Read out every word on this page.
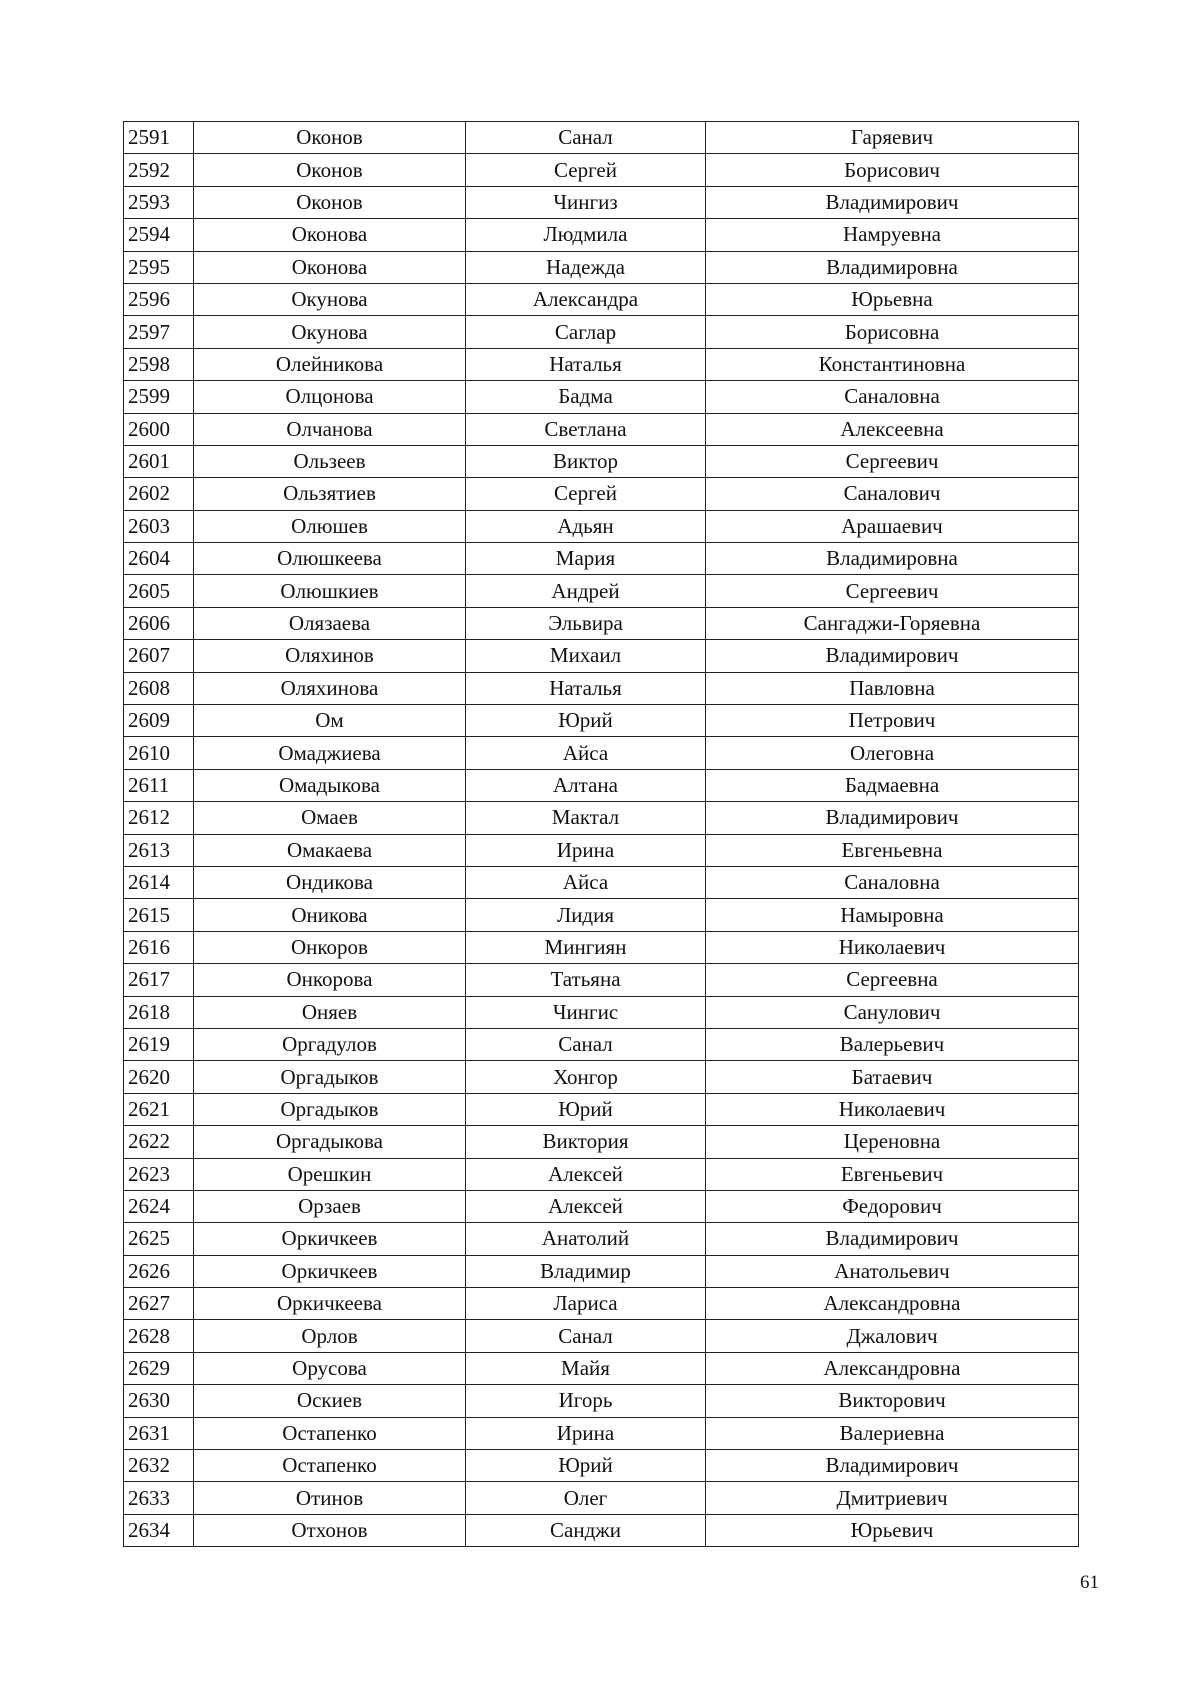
2591	Оконов	Санал	Гаряевич
2592	Оконов	Сергей	Борисович
2593	Оконов	Чингиз	Владимирович
2594	Оконова	Людмила	Намруевна
2595	Оконова	Надежда	Владимировна
2596	Окунова	Александра	Юрьевна
2597	Окунова	Саглар	Борисовна
2598	Олейникова	Наталья	Константиновна
2599	Олцонова	Бадма	Саналовна
2600	Олчанова	Светлана	Алексеевна
2601	Ользеев	Виктор	Сергеевич
2602	Ользятиев	Сергей	Саналович
2603	Олюшев	Адьян	Арашаевич
2604	Олюшкеева	Мария	Владимировна
2605	Олюшкиев	Андрей	Сергеевич
2606	Олязаева	Эльвира	Сангаджи-Горяевна
2607	Оляхинов	Михаил	Владимирович
2608	Оляхинова	Наталья	Павловна
2609	Ом	Юрий	Петрович
2610	Омаджиева	Айса	Олеговна
2611	Омадыкова	Алтана	Бадмаевна
2612	Омаев	Мактал	Владимирович
2613	Омакаева	Ирина	Евгеньевна
2614	Ондикова	Айса	Саналовна
2615	Оникова	Лидия	Намыровна
2616	Онкоров	Мингиян	Николаевич
2617	Онкорова	Татьяна	Сергеевна
2618	Оняев	Чингис	Санулович
2619	Оргадулов	Санал	Валерьевич
2620	Оргадыков	Хонгор	Батаевич
2621	Оргадыков	Юрий	Николаевич
2622	Оргадыкова	Виктория	Цереновна
2623	Орешкин	Алексей	Евгеньевич
2624	Орзаев	Алексей	Федорович
2625	Оркичкеев	Анатолий	Владимирович
2626	Оркичкеев	Владимир	Анатольевич
2627	Оркичкеева	Лариса	Александровна
2628	Орлов	Санал	Джалович
2629	Орусова	Майя	Александровна
2630	Оскиев	Игорь	Викторович
2631	Остапенко	Ирина	Валериевна
2632	Остапенко	Юрий	Владимирович
2633	Отинов	Олег	Дмитриевич
2634	Отхонов	Санджи	Юрьевич
61
